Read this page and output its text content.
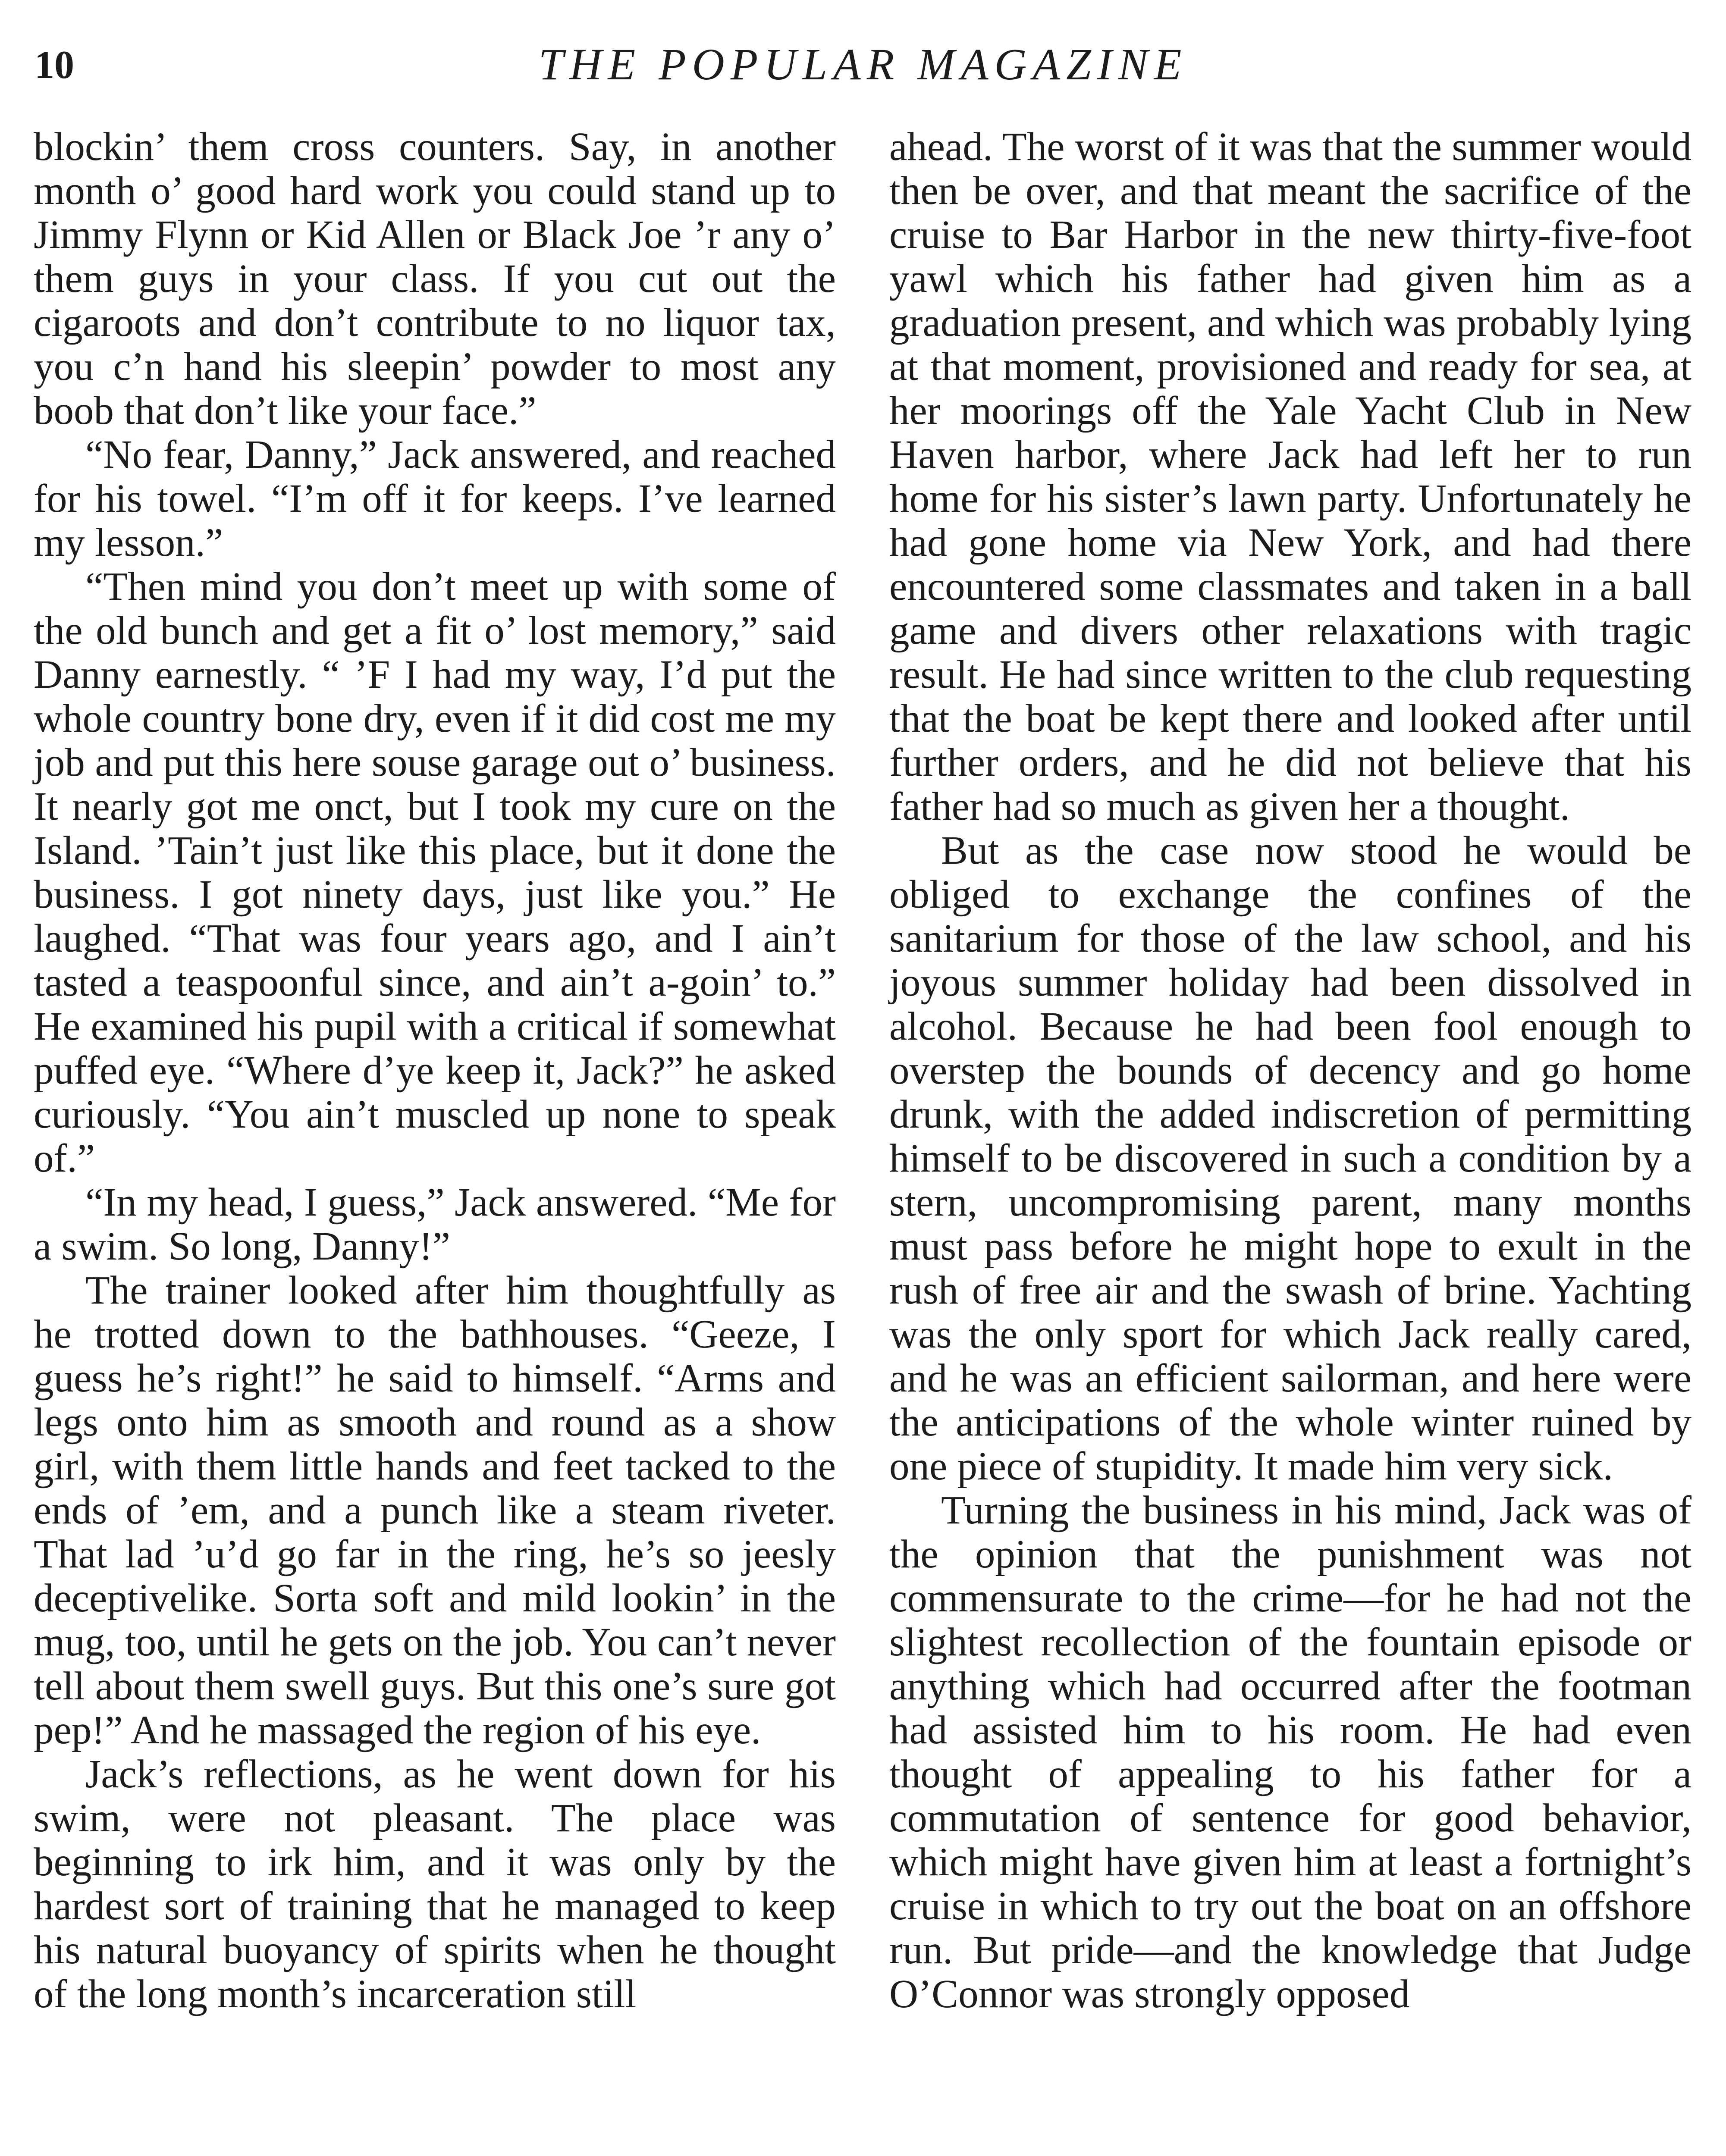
10	THE POPULAR MAGAZINE

blockin’ them cross counters. Say, in another month o’ good hard work you could stand up to Jimmy Flynn or Kid Allen or Black Joe ’r any o’ them guys in your class. If you cut out the cigaroots and don’t contribute to no liquor tax, you c’n hand his sleepin’ powder to most any boob that don’t like your face.”

“No fear, Danny,” Jack answered, and reached for his towel. “I’m off it for keeps. I’ve learned my lesson.”

“Then mind you don’t meet up with some of the old bunch and get a fit o’ lost memory,” said Danny earnestly. “ ’F I had my way, I’d put the whole country bone dry, even if it did cost me my job and put this here souse garage out o’ business. It nearly got me onct, but I took my cure on the Island. ’Tain’t just like this place, but it done the business. I got ninety days, just like you.” He laughed. “That was four years ago, and I ain’t tasted a teaspoonful since, and ain’t a-goin’ to.” He examined his pupil with a critical if somewhat puffed eye. “Where d’ye keep it, Jack?” he asked curiously. “You ain’t muscled up none to speak of.”

“In my head, I guess,” Jack answered. “Me for a swim. So long, Danny!”

The trainer looked after him thoughtfully as he trotted down to the bathhouses. “Geeze, I guess he’s right!” he said to himself. “Arms and legs onto him as smooth and round as a show girl, with them little hands and feet tacked to the ends of ’em, and a punch like a steam riveter. That lad ’u’d go far in the ring, he’s so jeesly deceptivelike. Sorta soft and mild lookin’ in the mug, too, until he gets on the job. You can’t never tell about them swell guys. But this one’s sure got pep!” And he massaged the region of his eye.

Jack’s reflections, as he went down for his swim, were not pleasant. The place was beginning to irk him, and it was only by the hardest sort of training that he managed to keep his natural buoyancy of spirits when he thought of the long month’s incarceration still

ahead. The worst of it was that the summer would then be over, and that meant the sacrifice of the cruise to Bar Harbor in the new thirty-five-foot yawl which his father had given him as a graduation present, and which was probably lying at that moment, provisioned and ready for sea, at her moorings off the Yale Yacht Club in New Haven harbor, where Jack had left her to run home for his sister’s lawn party. Unfortunately he had gone home via New York, and had there encountered some classmates and taken in a ball game and divers other relaxations with tragic result. He had since written to the club requesting that the boat be kept there and looked after until further orders, and he did not believe that his father had so much as given her a thought.

But as the case now stood he would be obliged to exchange the confines of the sanitarium for those of the law school, and his joyous summer holiday had been dissolved in alcohol. Because he had been fool enough to overstep the bounds of decency and go home drunk, with the added indiscretion of permitting himself to be discovered in such a condition by a stern, uncompromising parent, many months must pass before he might hope to exult in the rush of free air and the swash of brine. Yachting was the only sport for which Jack really cared, and he was an efficient sailorman, and here were the anticipations of the whole winter ruined by one piece of stupidity. It made him very sick.

Turning the business in his mind, Jack was of the opinion that the punishment was not commensurate to the crime—for he had not the slightest recollection of the fountain episode or anything which had occurred after the footman had assisted him to his room. He had even thought of appealing to his father for a commutation of sentence for good behavior, which might have given him at least a fortnight’s cruise in which to try out the boat on an offshore run. But pride—and the knowledge that Judge O’Connor was strongly opposed
